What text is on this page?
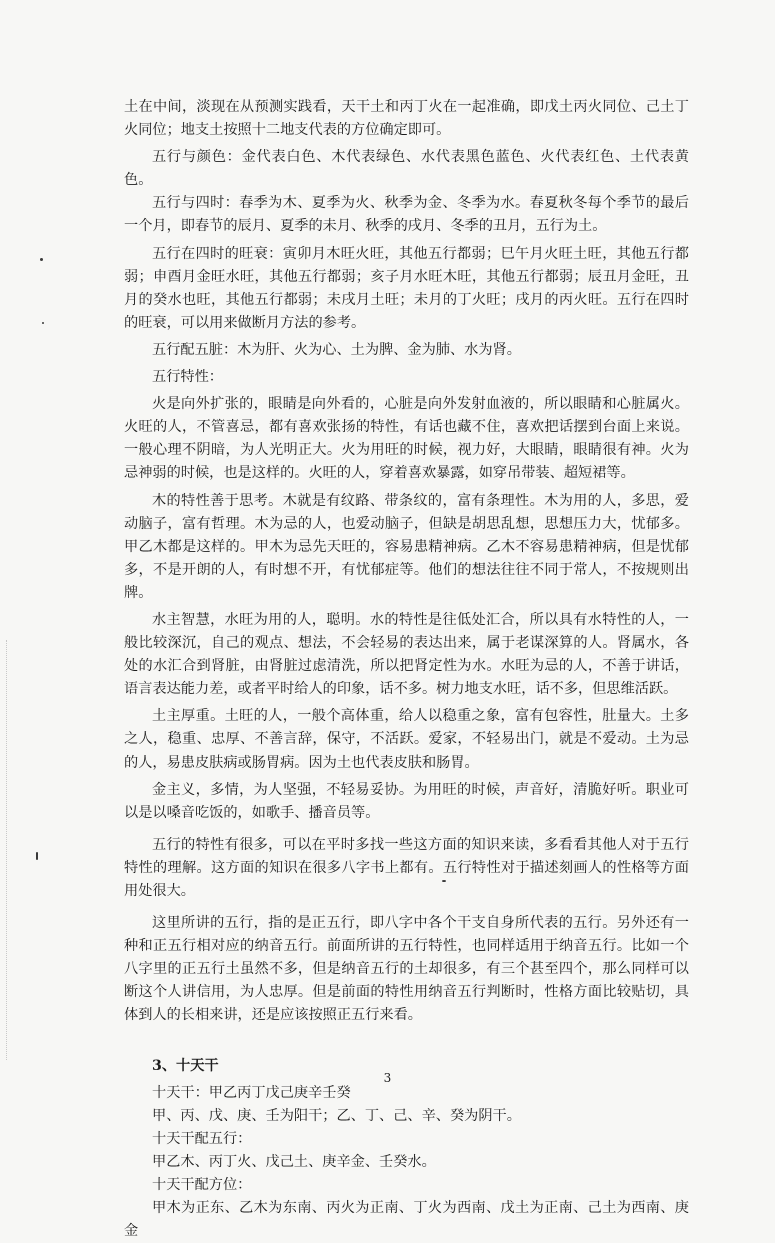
土在中间，淡现在从预测实践看，天干土和丙丁火在一起准确，即戊土丙火同位、己土丁火同位；地支土按照十二地支代表的方位确定即可。

五行与颜色：金代表白色、木代表绿色、水代表黑色蓝色、火代表红色、土代表黄色。

五行与四时：春季为木、夏季为火、秋季为金、冬季为水。春夏秋冬每个季节的最后一个月，即春节的辰月、夏季的未月、秋季的戌月、冬季的丑月，五行为土。

五行在四时的旺衰：寅卯月木旺火旺，其他五行都弱；巳午月火旺土旺，其他五行都弱；申酉月金旺水旺，其他五行都弱；亥子月水旺木旺，其他五行都弱；辰丑月金旺，丑月的癸水也旺，其他五行都弱；未戌月土旺；未月的丁火旺；戌月的丙火旺。五行在四时的旺衰，可以用来做断月方法的参考。

五行配五脏：木为肝、火为心、土为脾、金为肺、水为肾。

五行特性：

火是向外扩张的，眼睛是向外看的，心脏是向外发射血液的，所以眼睛和心脏属火。火旺的人，不管喜忌，都有喜欢张扬的特性，有话也藏不住，喜欢把话摆到台面上来说。一般心理不阴暗，为人光明正大。火为用旺的时候，视力好，大眼睛，眼睛很有神。火为忌神弱的时候，也是这样的。火旺的人，穿着喜欢暴露，如穿吊带装、超短裙等。

木的特性善于思考。木就是有纹路、带条纹的，富有条理性。木为用的人，多思，爱动脑子，富有哲理。木为忌的人，也爱动脑子，但缺是胡思乱想，思想压力大，忧郁多。甲乙木都是这样的。甲木为忌先天旺的，容易患精神病。乙木不容易患精神病，但是忧郁多，不是开朗的人，有时想不开，有忧郁症等。他们的想法往往不同于常人，不按规则出牌。

水主智慧，水旺为用的人，聪明。水的特性是往低处汇合，所以具有水特性的人，一般比较深沉，自己的观点、想法，不会轻易的表达出来，属于老谋深算的人。肾属水，各处的水汇合到肾脏，由肾脏过虑清洗，所以把肾定性为水。水旺为忌的人，不善于讲话，语言表达能力差，或者平时给人的印象，话不多。树力地支水旺，话不多，但思维活跃。

土主厚重。土旺的人，一般个高体重，给人以稳重之象，富有包容性，肚量大。土多之人，稳重、忠厚、不善言辞，保守，不活跃。爱家，不轻易出门，就是不爱动。土为忌的人，易患皮肤病或肠胃病。因为土也代表皮肤和肠胃。

金主义，多情，为人坚强，不轻易妥协。为用旺的时候，声音好，清脆好听。职业可以是以嗓音吃饭的，如歌手、播音员等。

五行的特性有很多，可以在平时多找一些这方面的知识来读，多看看其他人对于五行特性的理解。这方面的知识在很多八字书上都有。五行特性对于描述刻画人的性格等方面用处很大。

这里所讲的五行，指的是正五行，即八字中各个干支自身所代表的五行。另外还有一种和正五行相对应的纳音五行。前面所讲的五行特性，也同样适用于纳音五行。比如一个八字里的正五行土虽然不多，但是纳音五行的土却很多，有三个甚至四个，那么同样可以断这个人讲信用，为人忠厚。但是前面的特性用纳音五行判断时，性格方面比较贴切，具体到人的长相来讲，还是应该按照正五行来看。

3、十天干

十天干：甲乙丙丁戊己庚辛壬癸

甲、丙、戊、庚、壬为阳干；乙、丁、己、辛、癸为阴干。

十天干配五行：

甲乙木、丙丁火、戊己土、庚辛金、壬癸水。

十天干配方位：

甲木为正东、乙木为东南、丙火为正南、丁火为西南、戊土为正南、己土为西南、庚金

3
